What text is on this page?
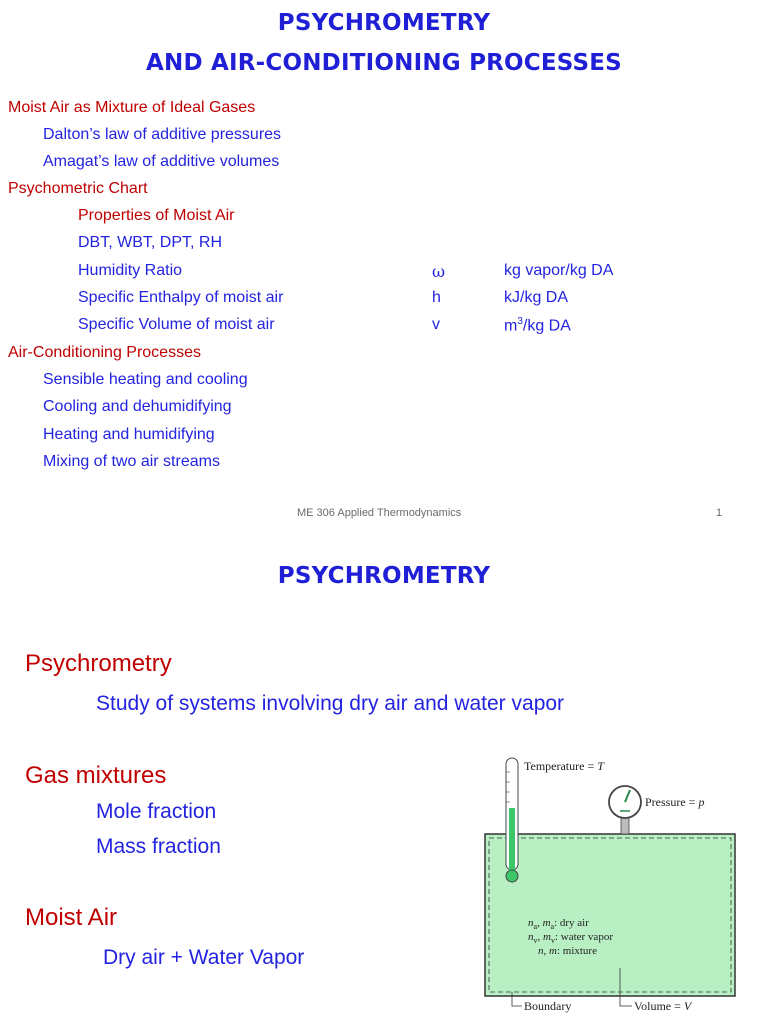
PSYCHROMETRY
AND AIR-CONDITIONING PROCESSES
Moist Air as Mixture of Ideal Gases
Dalton’s law of additive pressures
Amagat’s law of additive volumes
Psychometric Chart
Properties of Moist Air
DBT, WBT, DPT, RH
Humidity Ratio	ω	kg vapor/kg DA
Specific Enthalpy of moist air	h	kJ/kg DA
Specific Volume of moist air	v	$m^3/kg$ DA
Air-Conditioning Processes
Sensible heating and cooling
Cooling and dehumidifying
Heating and humidifying
Mixing of two air streams
ME 306 Applied Thermodynamics	1
PSYCHROMETRY
Psychrometry
Study of systems involving dry air and water vapor
Gas mixtures
Mole fraction
Mass fraction
Moist Air
Dry air + Water Vapor
Temperature = T
Pressure = p
$n_a$, $m_a$: dry air
$n_v$, $m_v$: water vapor
n, m: mixture
Boundary	Volume = V
